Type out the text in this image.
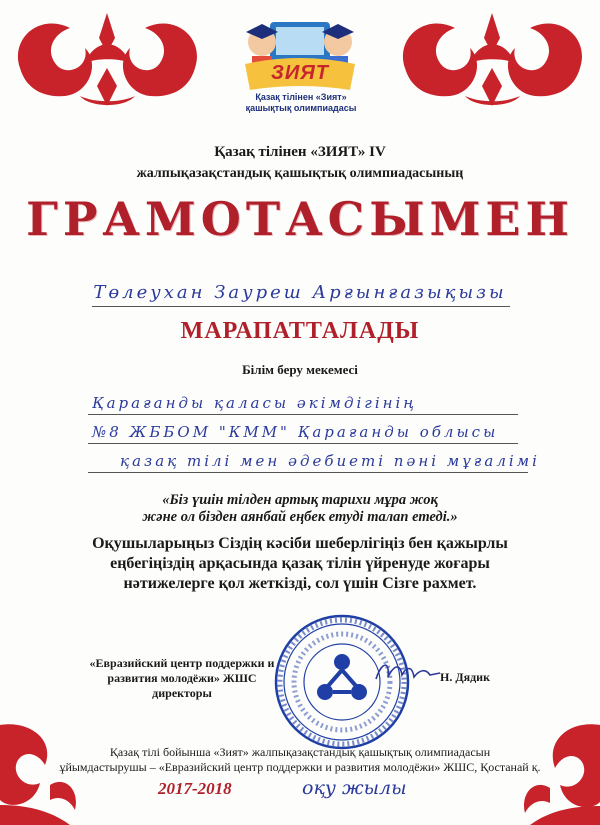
ЗИЯТ
Қазақ тілінен «Зият»
қашықтық олимпиадасы
Қазақ тілінен «ЗИЯТ» IV
жалпықазақстандық қашықтық олимпиадасының
ГРАМОТАСЫМЕН
Төлеухан Зауреш Арғынғазықызы
МАРАПАТТАЛАДЫ
Білім беру мекемесі
Қарағанды қаласы әкімдігінің
№8 ЖББОМ "КММ" Қарағанды облысы
қазақ тілі мен әдебиеті пәні мұғалімі
«Біз үшін тілден артық тарихи мұра жоқ
және ол бізден аянбай еңбек етуді талап етеді.»
Оқушыларыңыз Сіздің кәсіби шеберлігіңіз бен қажырлы
еңбегіңіздің арқасында қазақ тілін үйренуде жоғары
нәтижелерге қол жеткізді, сол үшін Сізге рахмет.
«Евразийский центр поддержки и
развития молодёжи» ЖШС директоры
Н. Дядик
Қазақ тілі бойынша «Зият» жалпықазақстандық қашықтық олимпиадасын
ұйымдастырушы – «Евразийский центр поддержки и развития молодёжи» ЖШС, Қостанай қ.
2017-2018	оқу жылы
